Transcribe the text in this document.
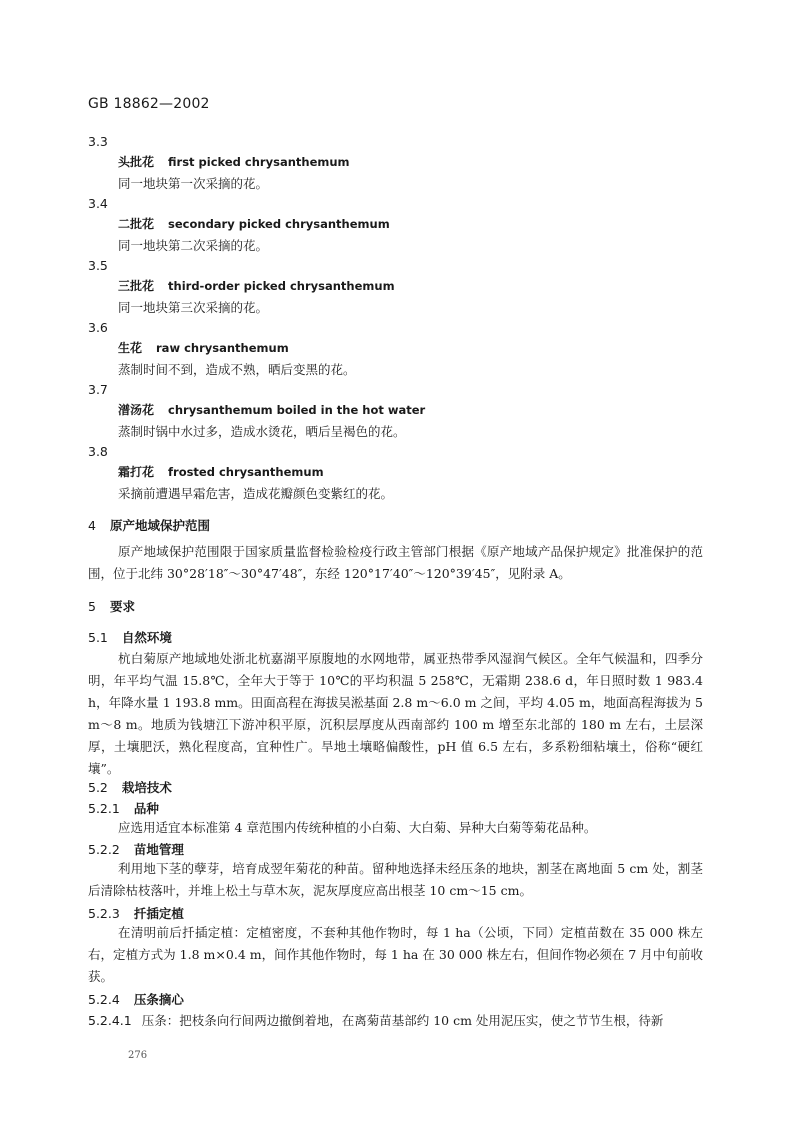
GB 18862—2002
3.3
头批花 first picked chrysanthemum
同一地块第一次采摘的花。
3.4
二批花 secondary picked chrysanthemum
同一地块第二次采摘的花。
3.5
三批花 third-order picked chrysanthemum
同一地块第三次采摘的花。
3.6
生花 raw chrysanthemum
蒸制时间不到，造成不熟，晒后变黑的花。
3.7
潽汤花 chrysanthemum boiled in the hot water
蒸制时锅中水过多，造成水烫花，晒后呈褐色的花。
3.8
霜打花 frosted chrysanthemum
采摘前遭遇早霜危害，造成花瓣颜色变紫红的花。
4 原产地域保护范围
原产地域保护范围限于国家质量监督检验检疫行政主管部门根据《原产地域产品保护规定》批准保护的范围，位于北纬 30°28′18″～30°47′48″，东经 120°17′40″～120°39′45″，见附录 A。
5 要求
5.1 自然环境
杭白菊原产地域地处浙北杭嘉湖平原腹地的水网地带，属亚热带季风湿润气候区。全年气候温和，四季分明，年平均气温 15.8℃，全年大于等于 10℃的平均积温 5 258℃，无霜期 238.6 d，年日照时数 1 983.4 h，年降水量 1 193.8 mm。田面高程在海拔吴淞基面 2.8 m～6.0 m 之间，平均 4.05 m，地面高程海拔为 5 m～8 m。地质为钱塘江下游冲积平原，沉积层厚度从西南部约 100 m 增至东北部的 180 m 左右，土层深厚，土壤肥沃，熟化程度高，宜种性广。旱地土壤略偏酸性，pH 值 6.5 左右，多系粉细粘壤土，俗称“硬红壤”。
5.2 栽培技术
5.2.1 品种
应选用适宜本标准第 4 章范围内传统种植的小白菊、大白菊、异种大白菊等菊花品种。
5.2.2 苗地管理
利用地下茎的孽芽，培育成翌年菊花的种苗。留种地选择未经压条的地块，割茎在离地面 5 cm 处，割茎后清除枯枝落叶，并堆上松土与草木灰，泥灰厚度应高出根茎 10 cm～15 cm。
5.2.3 扦插定植
在清明前后扦插定植：定植密度，不套种其他作物时，每 1 ha（公顷，下同）定植苗数在 35 000 株左右，定植方式为 1.8 m×0.4 m，间作其他作物时，每 1 ha 在 30 000 株左右，但间作物必须在 7 月中旬前收获。
5.2.4 压条摘心
5.2.4.1 压条：把枝条向行间两边撤倒着地，在离菊苗基部约 10 cm 处用泥压实，使之节节生根，待新
276
